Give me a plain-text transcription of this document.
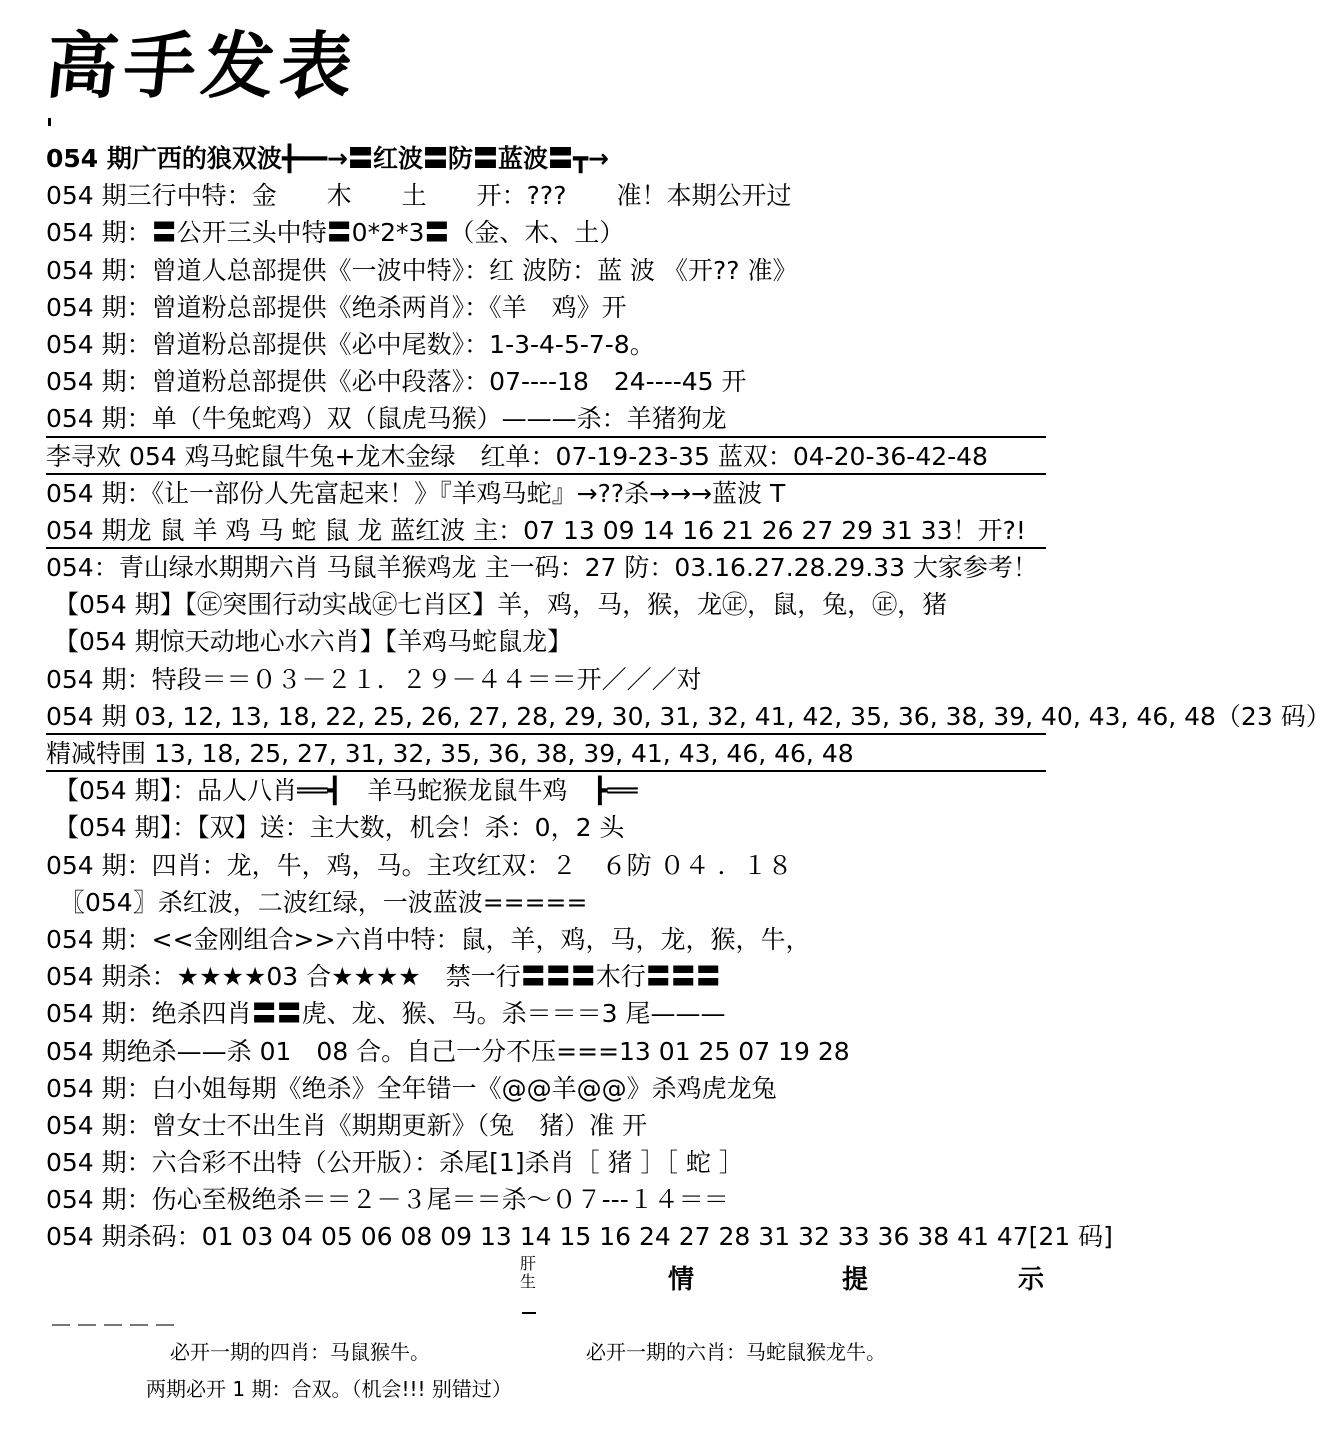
高手发表
054 期广西的狼双波╋━━→〓红波〓防〓蓝波〓┳→
054 期三行中特：金　　木　　土　　开：???　　准！本期公开过
054 期：〓公开三头中特〓0*2*3〓（金、木、土）
054 期：曾道人总部提供《一波中特》：红 波防：蓝 波 《开?? 准》
054 期：曾道粉总部提供《绝杀两肖》：《羊　鸡》开
054 期：曾道粉总部提供《必中尾数》：1-3-4-5-7-8。
054 期：曾道粉总部提供《必中段落》：07----18　24----45 开
054 期：单（牛兔蛇鸡）双（鼠虎马猴）———杀：羊猪狗龙
李寻欢 054 鸡马蛇鼠牛兔+龙木金绿　红单：07-19-23-35 蓝双：04-20-36-42-48
054 期：《让一部份人先富起来！》『羊鸡马蛇』→??杀→→→蓝波 T
054 期龙 鼠 羊 鸡 马 蛇 鼠 龙 蓝红波 主：07 13 09 14 16 21 26 27 29 31 33！开?!
054：青山绿水期期六肖 马鼠羊猴鸡龙 主一码：27 防：03.16.27.28.29.33 大家参考！
【054 期】【㊣突围行动实战㊣七肖区】羊，鸡，马，猴，龙㊣，鼠，兔，㊣，猪
【054 期惊天动地心水六肖】【羊鸡马蛇鼠龙】
054 期：特段＝＝０３－２１．２９－４４＝＝开／／／对
054 期 03, 12, 13, 18, 22, 25, 26, 27, 28, 29, 30, 31, 32, 41, 42, 35, 36, 38, 39, 40, 43, 46, 48（23 码）
精减特围 13, 18, 25, 27, 31, 32, 35, 36, 38, 39, 41, 43, 46, 46, 48
【054 期】：品人八肖══┫　羊马蛇猴龙鼠牛鸡　┣══
【054 期】：【双】送：主大数，机会！杀：0，2 头
054 期：四肖：龙，牛，鸡，马。主攻红双：２　６防 ０４ ．１８
〖054〗杀红波，二波红绿，一波蓝波=====
054 期：<<金刚组合>>六肖中特：鼠，羊，鸡，马，龙，猴，牛，
054 期杀：★★★★03 合★★★★　禁一行〓〓〓木行〓〓〓
054 期：绝杀四肖〓〓虎、龙、猴、马。杀＝＝＝3 尾———
054 期绝杀——杀 01　08 合。自己一分不压===13 01 25 07 19 28
054 期：白小姐每期《绝杀》全年错一《@@羊@@》杀鸡虎龙兔
054 期：曾女士不出生肖《期期更新》（兔　猪）准 开
054 期：六合彩不出特（公开版）：杀尾[1]杀肖［ 猪 ］［ 蛇 ］
054 期：伤心至极绝杀＝＝２－３尾＝＝杀～０７---１４＝＝
054 期杀码：01 03 04 05 06 08 09 13 14 15 16 24 27 28 31 32 33 36 38 41 47[21 码]
肝生	情	提	示
必开一期的四肖：马鼠猴牛。	必开一期的六肖：马蛇鼠猴龙牛。
两期必开 1 期：合双。（机会!!! 别错过）
